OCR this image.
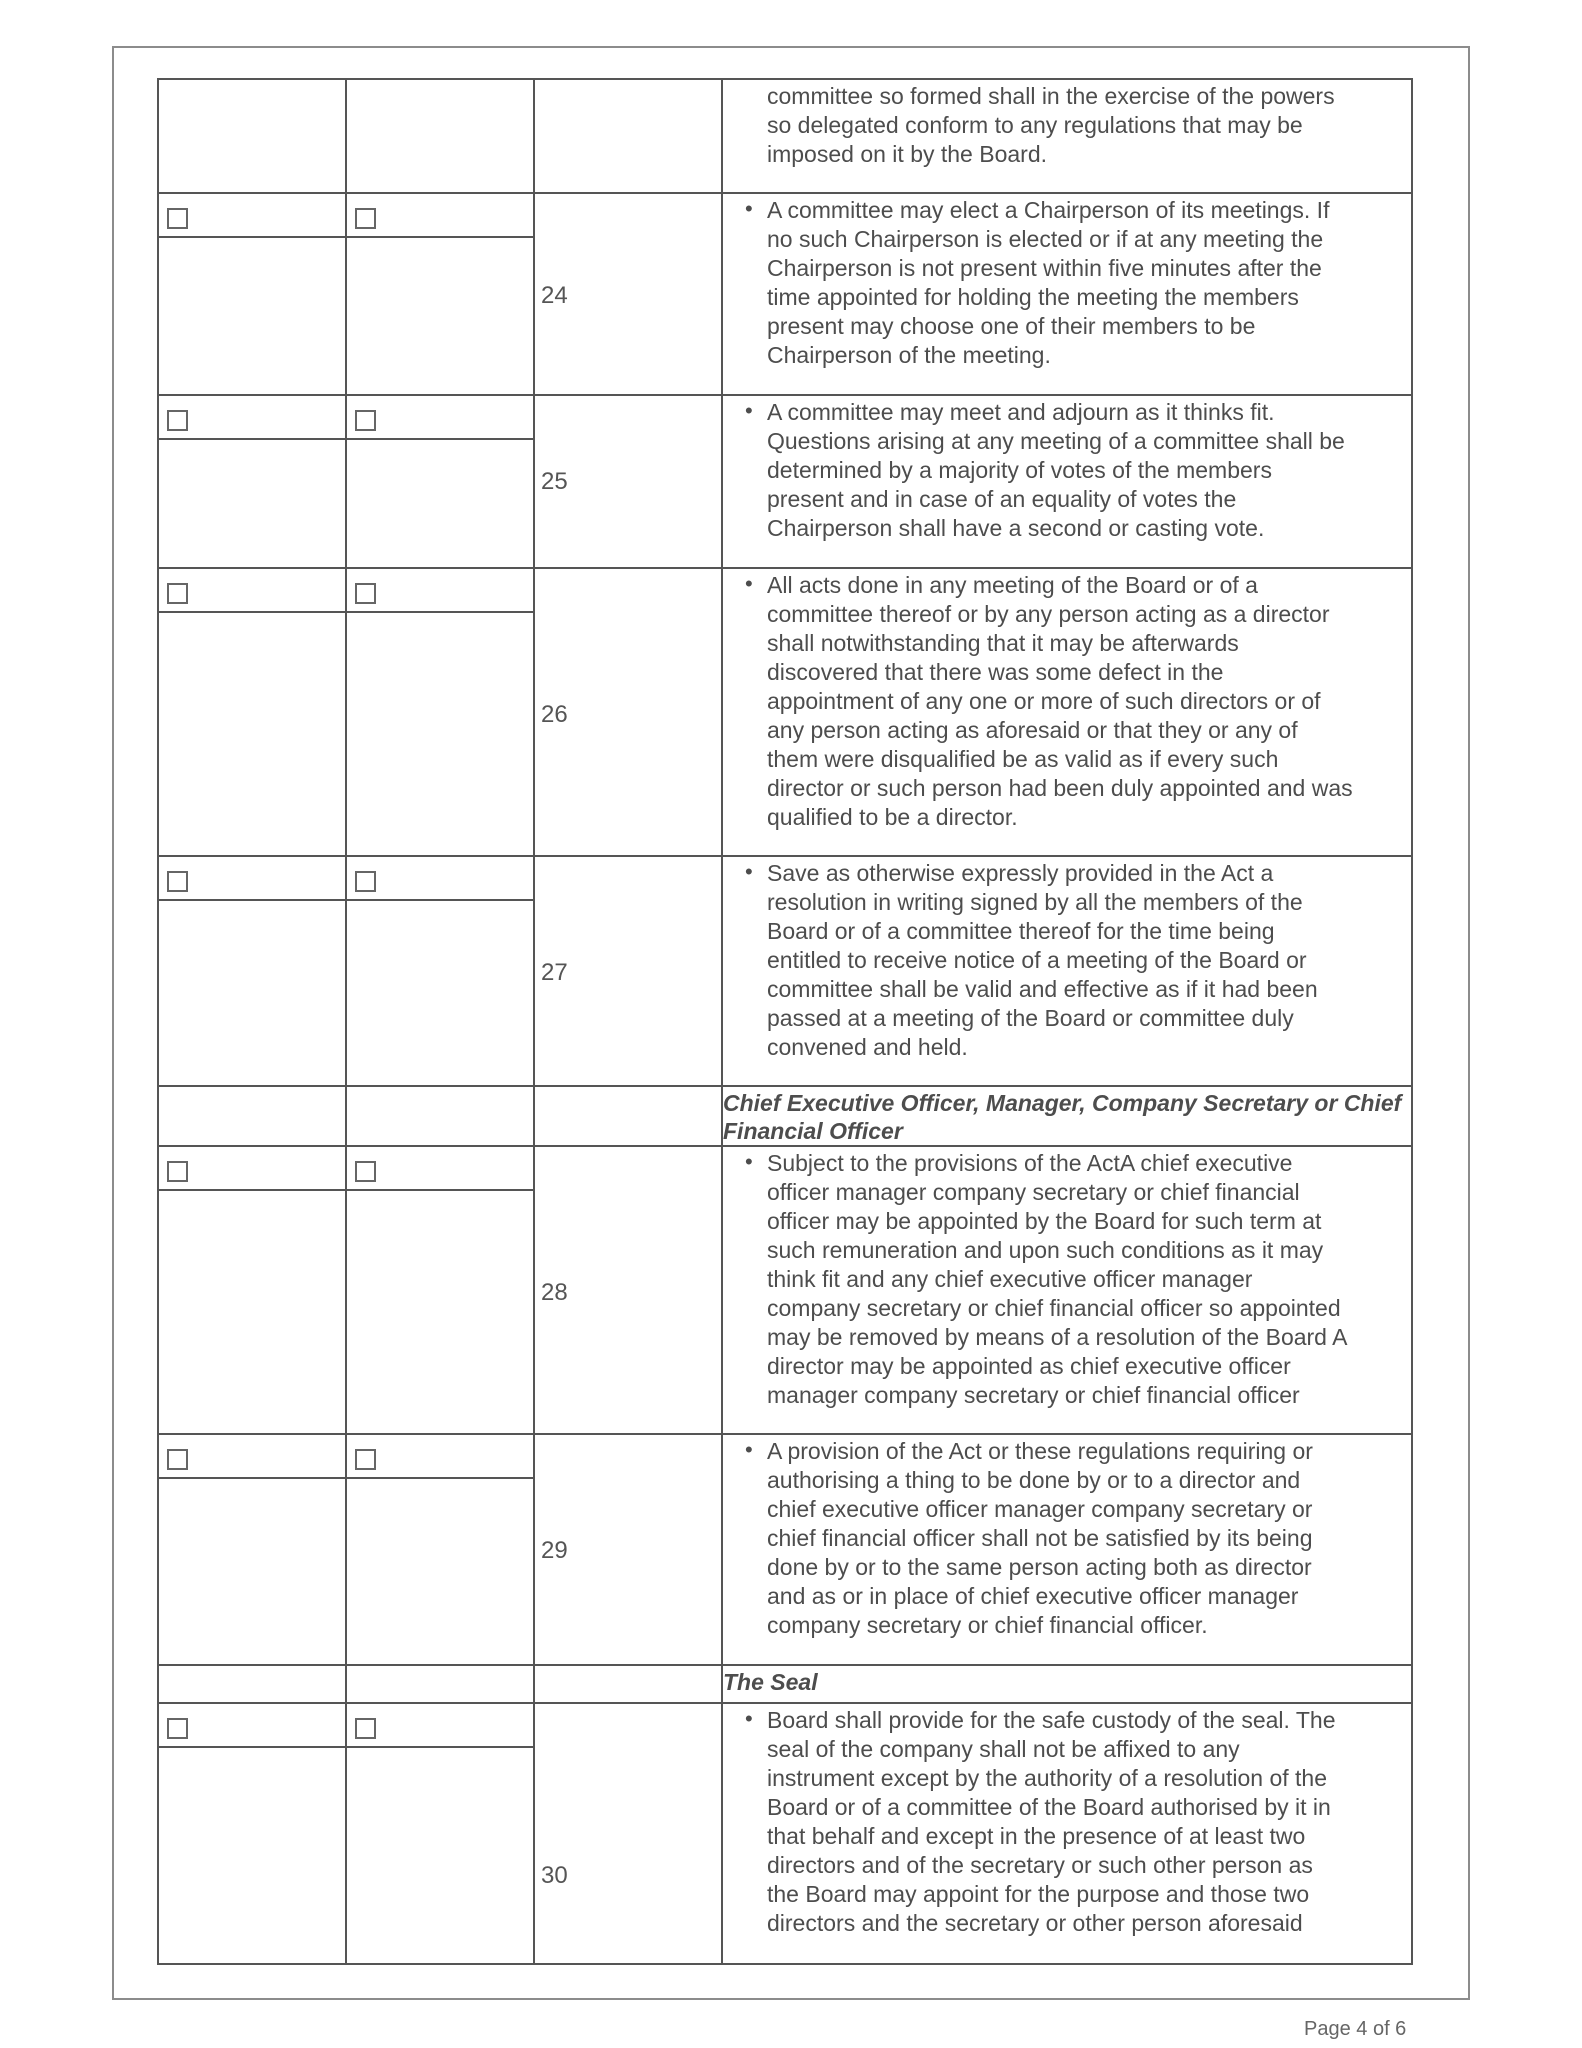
committee so formed shall in the exercise of the powers
so delegated conform to any regulations that may be
imposed on it by the Board.
24
• A committee may elect a Chairperson of its meetings. If
no such Chairperson is elected or if at any meeting the
Chairperson is not present within five minutes after the
time appointed for holding the meeting the members
present may choose one of their members to be
Chairperson of the meeting.
25
• A committee may meet and adjourn as it thinks fit.
Questions arising at any meeting of a committee shall be
determined by a majority of votes of the members
present and in case of an equality of votes the
Chairperson shall have a second or casting vote.
26
• All acts done in any meeting of the Board or of a
committee thereof or by any person acting as a director
shall notwithstanding that it may be afterwards
discovered that there was some defect in the
appointment of any one or more of such directors or of
any person acting as aforesaid or that they or any of
them were disqualified be as valid as if every such
director or such person had been duly appointed and was
qualified to be a director.
27
• Save as otherwise expressly provided in the Act a
resolution in writing signed by all the members of the
Board or of a committee thereof for the time being
entitled to receive notice of a meeting of the Board or
committee shall be valid and effective as if it had been
passed at a meeting of the Board or committee duly
convened and held.
Chief Executive Officer, Manager, Company Secretary or Chief
Financial Officer
28
• Subject to the provisions of the ActA chief executive
officer manager company secretary or chief financial
officer may be appointed by the Board for such term at
such remuneration and upon such conditions as it may
think fit and any chief executive officer manager
company secretary or chief financial officer so appointed
may be removed by means of a resolution of the Board A
director may be appointed as chief executive officer
manager company secretary or chief financial officer
29
• A provision of the Act or these regulations requiring or
authorising a thing to be done by or to a director and
chief executive officer manager company secretary or
chief financial officer shall not be satisfied by its being
done by or to the same person acting both as director
and as or in place of chief executive officer manager
company secretary or chief financial officer.
The Seal
30
• Board shall provide for the safe custody of the seal. The
seal of the company shall not be affixed to any
instrument except by the authority of a resolution of the
Board or of a committee of the Board authorised by it in
that behalf and except in the presence of at least two
directors and of the secretary or such other person as
the Board may appoint for the purpose and those two
directors and the secretary or other person aforesaid
Page 4 of 6
